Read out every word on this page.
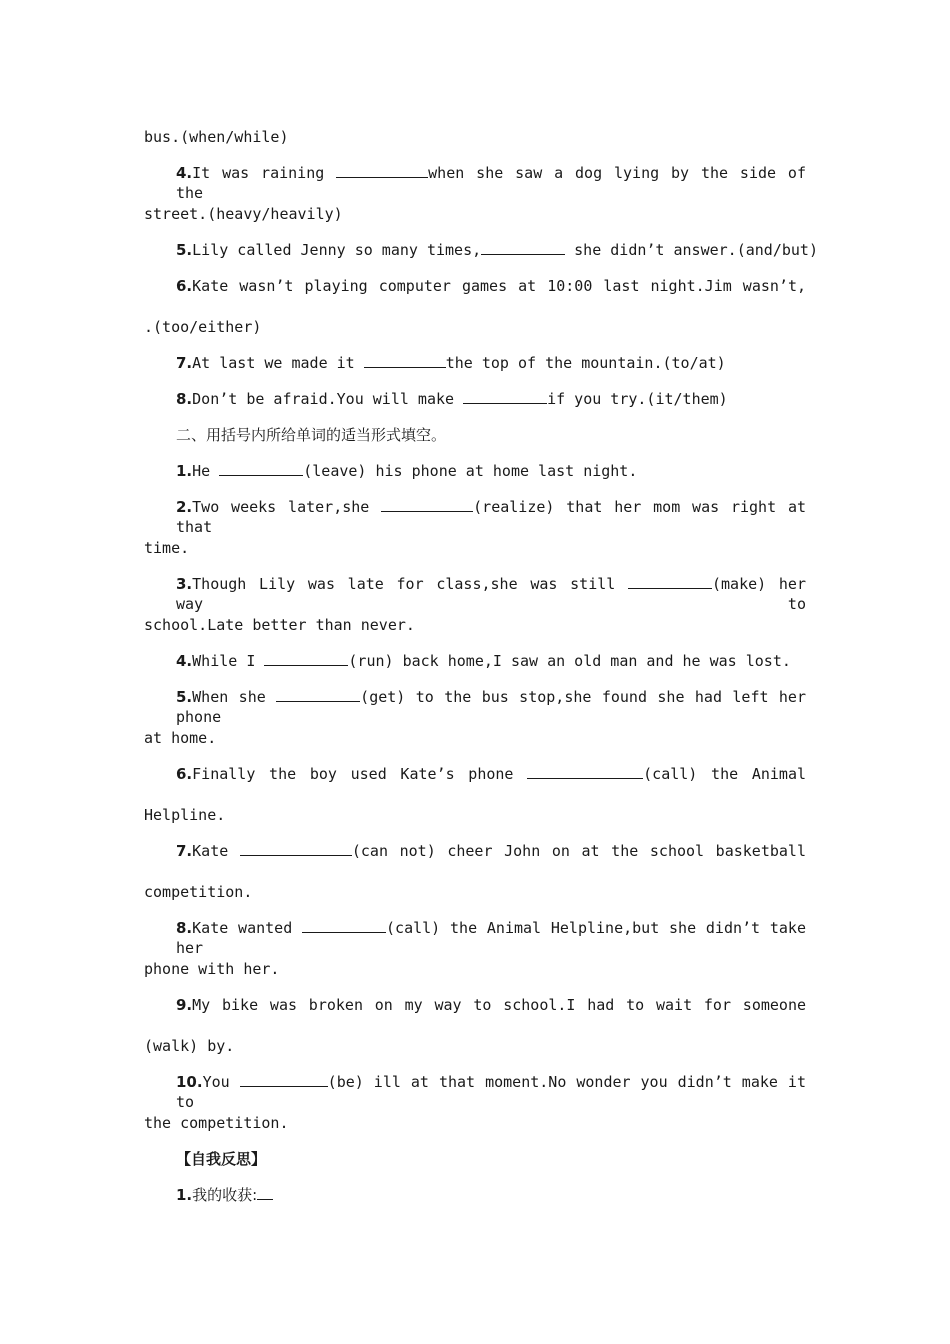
bus.(when/while)
4.It was raining	when she saw a dog lying by the side of the
street.(heavy/heavily)
5.Lily called Jenny so many times,	she didn’t answer.(and/but)
6.Kate wasn’t playing computer games at 10:00 last night.Jim wasn’t,
.(too/either)
7.At last we made it	the top of the mountain.(to/at)
8.Don’t be afraid.You will make	if you try.(it/them)
二、用括号内所给单词的适当形式填空。
1.He	(leave) his phone at home last night.
2.Two weeks later,she	(realize) that her mom was right at that
time.
3.Though Lily was late for class,she was still	(make) her way to
school.Late better than never.
4.While I	(run) back home,I saw an old man and he was lost.
5.When she	(get) to the bus stop,she found she had left her phone
at home.
6.Finally the boy used Kate’s phone	(call) the Animal
Helpline.
7.Kate	(can not) cheer John on at the school basketball
competition.
8.Kate wanted	(call) the Animal Helpline,but she didn’t take her
phone with her.
9.My bike was broken on my way to school.I had to wait for someone
(walk) by.
10.You	(be) ill at that moment.No wonder you didn’t make it to
the competition.
【自我反思】
1.我的收获:
